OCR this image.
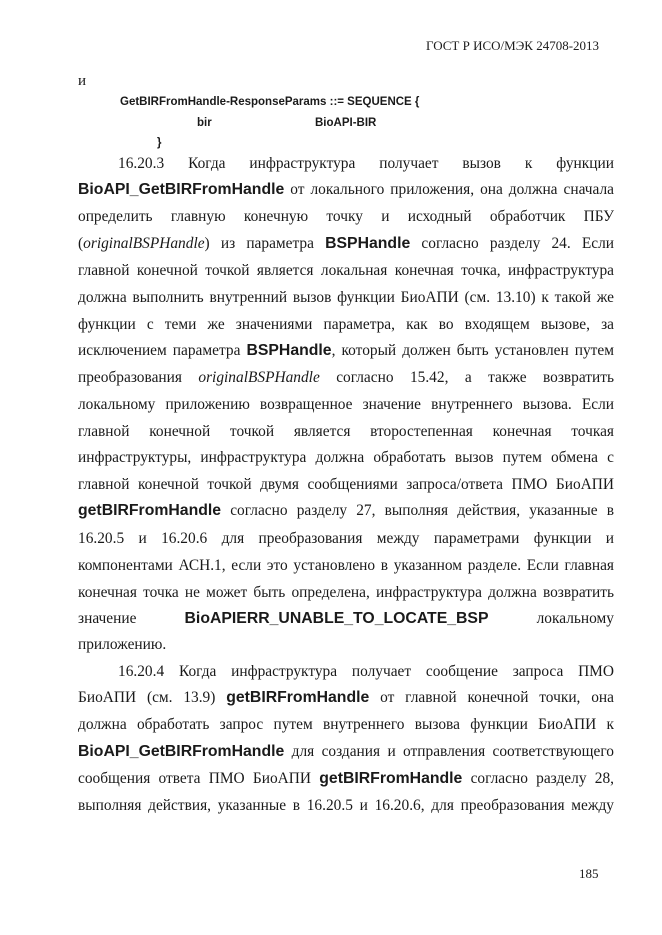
ГОСТ Р ИСО/МЭК 24708-2013
и
GetBIRFromHandle-ResponseParams ::= SEQUENCE {
bir	BioAPI-BIR
}
16.20.3 Когда инфраструктура получает вызов к функции
BioAPI_GetBIRFromHandle от локального приложения, она должна сначала
определить главную конечную точку и исходный обработчик ПБУ
(originalBSPHandle) из параметра BSPHandle согласно разделу 24. Если
главной конечной точкой является локальная конечная точка, инфраструктура
должна выполнить внутренний вызов функции БиоАПИ (см. 13.10) к такой же
функции с теми же значениями параметра, как во входящем вызове, за
исключением параметра BSPHandle, который должен быть установлен путем
преобразования originalBSPHandle согласно 15.42, а также возвратить
локальному приложению возвращенное значение внутреннего вызова. Если
главной конечной точкой является второстепенная конечная точкая
инфраструктуры, инфраструктура должна обработать вызов путем обмена с
главной конечной точкой двумя сообщениями запроса/ответа ПМО БиоАПИ
getBIRFromHandle согласно разделу 27, выполняя действия, указанные в
16.20.5 и 16.20.6 для преобразования между параметрами функции и
компонентами АСН.1, если это установлено в указанном разделе. Если главная
конечная точка не может быть определена, инфраструктура должна возвратить
значение	BioAPIERR_UNABLE_TO_LOCATE_BSP	локальному
приложению.
16.20.4 Когда инфраструктура получает сообщение запроса ПМО
БиоАПИ (см. 13.9) getBIRFromHandle от главной конечной точки, она
должна обработать запрос путем внутреннего вызова функции БиоАПИ к
BioAPI_GetBIRFromHandle для создания и отправления соответствующего
сообщения ответа ПМО БиоАПИ getBIRFromHandle согласно разделу 28,
выполняя действия, указанные в 16.20.5 и 16.20.6, для преобразования между
185
